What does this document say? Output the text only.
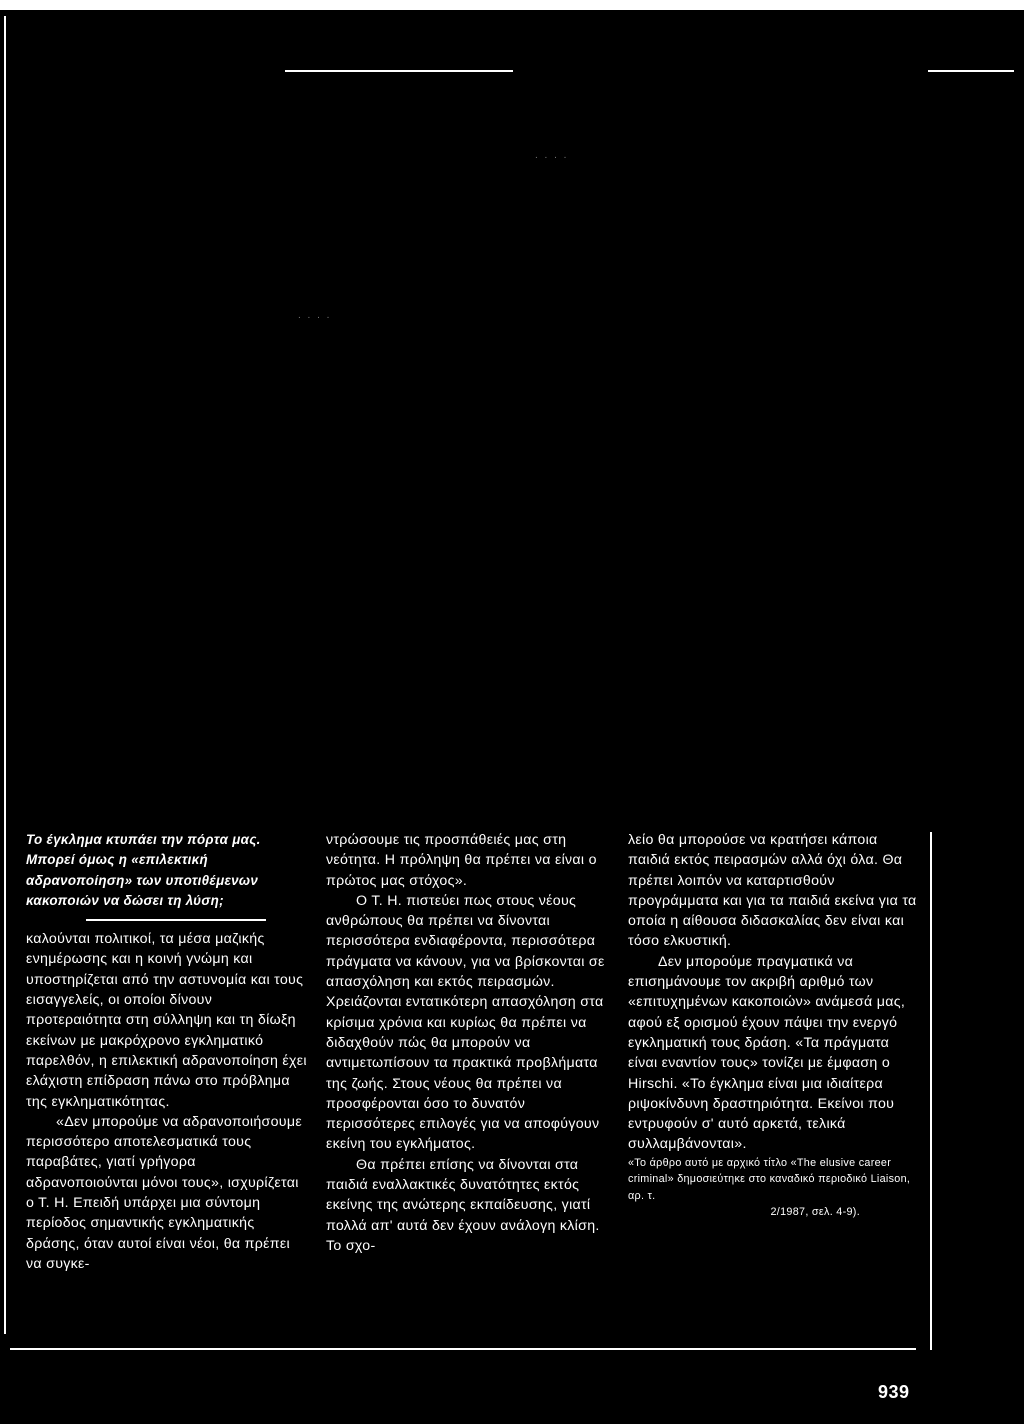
. . . .
. . . .

Το έγκλημα κτυπάει την πόρτα μας. Μπορεί όμως η «επιλεκτική αδρανοποίηση» των υποτιθέμενων κακοποιών να δώσει τη λύση;

καλούνται πολιτικοί, τα μέσα μαζικής ενημέρωσης και η κοινή γνώμη και υποστηρίζεται από την αστυνομία και τους εισαγγελείς, οι οποίοι δίνουν προτεραιότητα στη σύλληψη και τη δίωξη εκείνων με μακρόχρονο εγκληματικό παρελθόν, η επιλεκτική αδρανοποίηση έχει ελάχιστη επίδραση πάνω στο πρόβλημα της εγκληματικότητας.

«Δεν μπορούμε να αδρανοποιήσουμε περισσότερο αποτελεσματικά τους παραβάτες, γιατί γρήγορα αδρανοποιούνται μόνοι τους», ισχυρίζεται ο Τ. Η. Επειδή υπάρχει μια σύντομη περίοδος σημαντικής εγκληματικής δράσης, όταν αυτοί είναι νέοι, θα πρέπει να συγκε-

ντρώσουμε τις προσπάθειές μας στη νεότητα. Η πρόληψη θα πρέπει να είναι ο πρώτος μας στόχος».

Ο Τ. Η. πιστεύει πως στους νέους ανθρώπους θα πρέπει να δίνονται περισσότερα ενδιαφέροντα, περισσότερα πράγματα να κάνουν, για να βρίσκονται σε απασχόληση και εκτός πειρασμών. Χρειάζονται εντατικότερη απασχόληση στα κρίσιμα χρόνια και κυρίως θα πρέπει να διδαχθούν πώς θα μπορούν να αντιμετωπίσουν τα πρακτικά προβλήματα της ζωής. Στους νέους θα πρέπει να προσφέρονται όσο το δυνατόν περισσότερες επιλογές για να αποφύγουν εκείνη του εγκλήματος.

Θα πρέπει επίσης να δίνονται στα παιδιά εναλλακτικές δυνατότητες εκτός εκείνης της ανώτερης εκπαίδευσης, γιατί πολλά απ' αυτά δεν έχουν ανάλογη κλίση. Το σχο-

λείο θα μπορούσε να κρατήσει κάποια παιδιά εκτός πειρασμών αλλά όχι όλα. Θα πρέπει λοιπόν να καταρτισθούν προγράμματα και για τα παιδιά εκείνα για τα οποία η αίθουσα διδασκαλίας δεν είναι και τόσο ελκυστική.

Δεν μπορούμε πραγματικά να επισημάνουμε τον ακριβή αριθμό των «επιτυχημένων κακοποιών» ανάμεσά μας, αφού εξ ορισμού έχουν πάψει την ενεργό εγκληματική τους δράση. «Τα πράγματα είναι εναντίον τους» τονίζει με έμφαση ο Hirschi. «Το έγκλημα είναι μια ιδιαίτερα ριψοκίνδυνη δραστηριότητα. Εκείνοι που εντρυφούν σ' αυτό αρκετά, τελικά συλλαμβάνονται».

«Το άρθρο αυτό με αρχικό τίτλο «The elusive career criminal» δημοσιεύτηκε στο καναδικό περιοδικό Liaison, αρ. τ.
2/1987, σελ. 4-9).

939
